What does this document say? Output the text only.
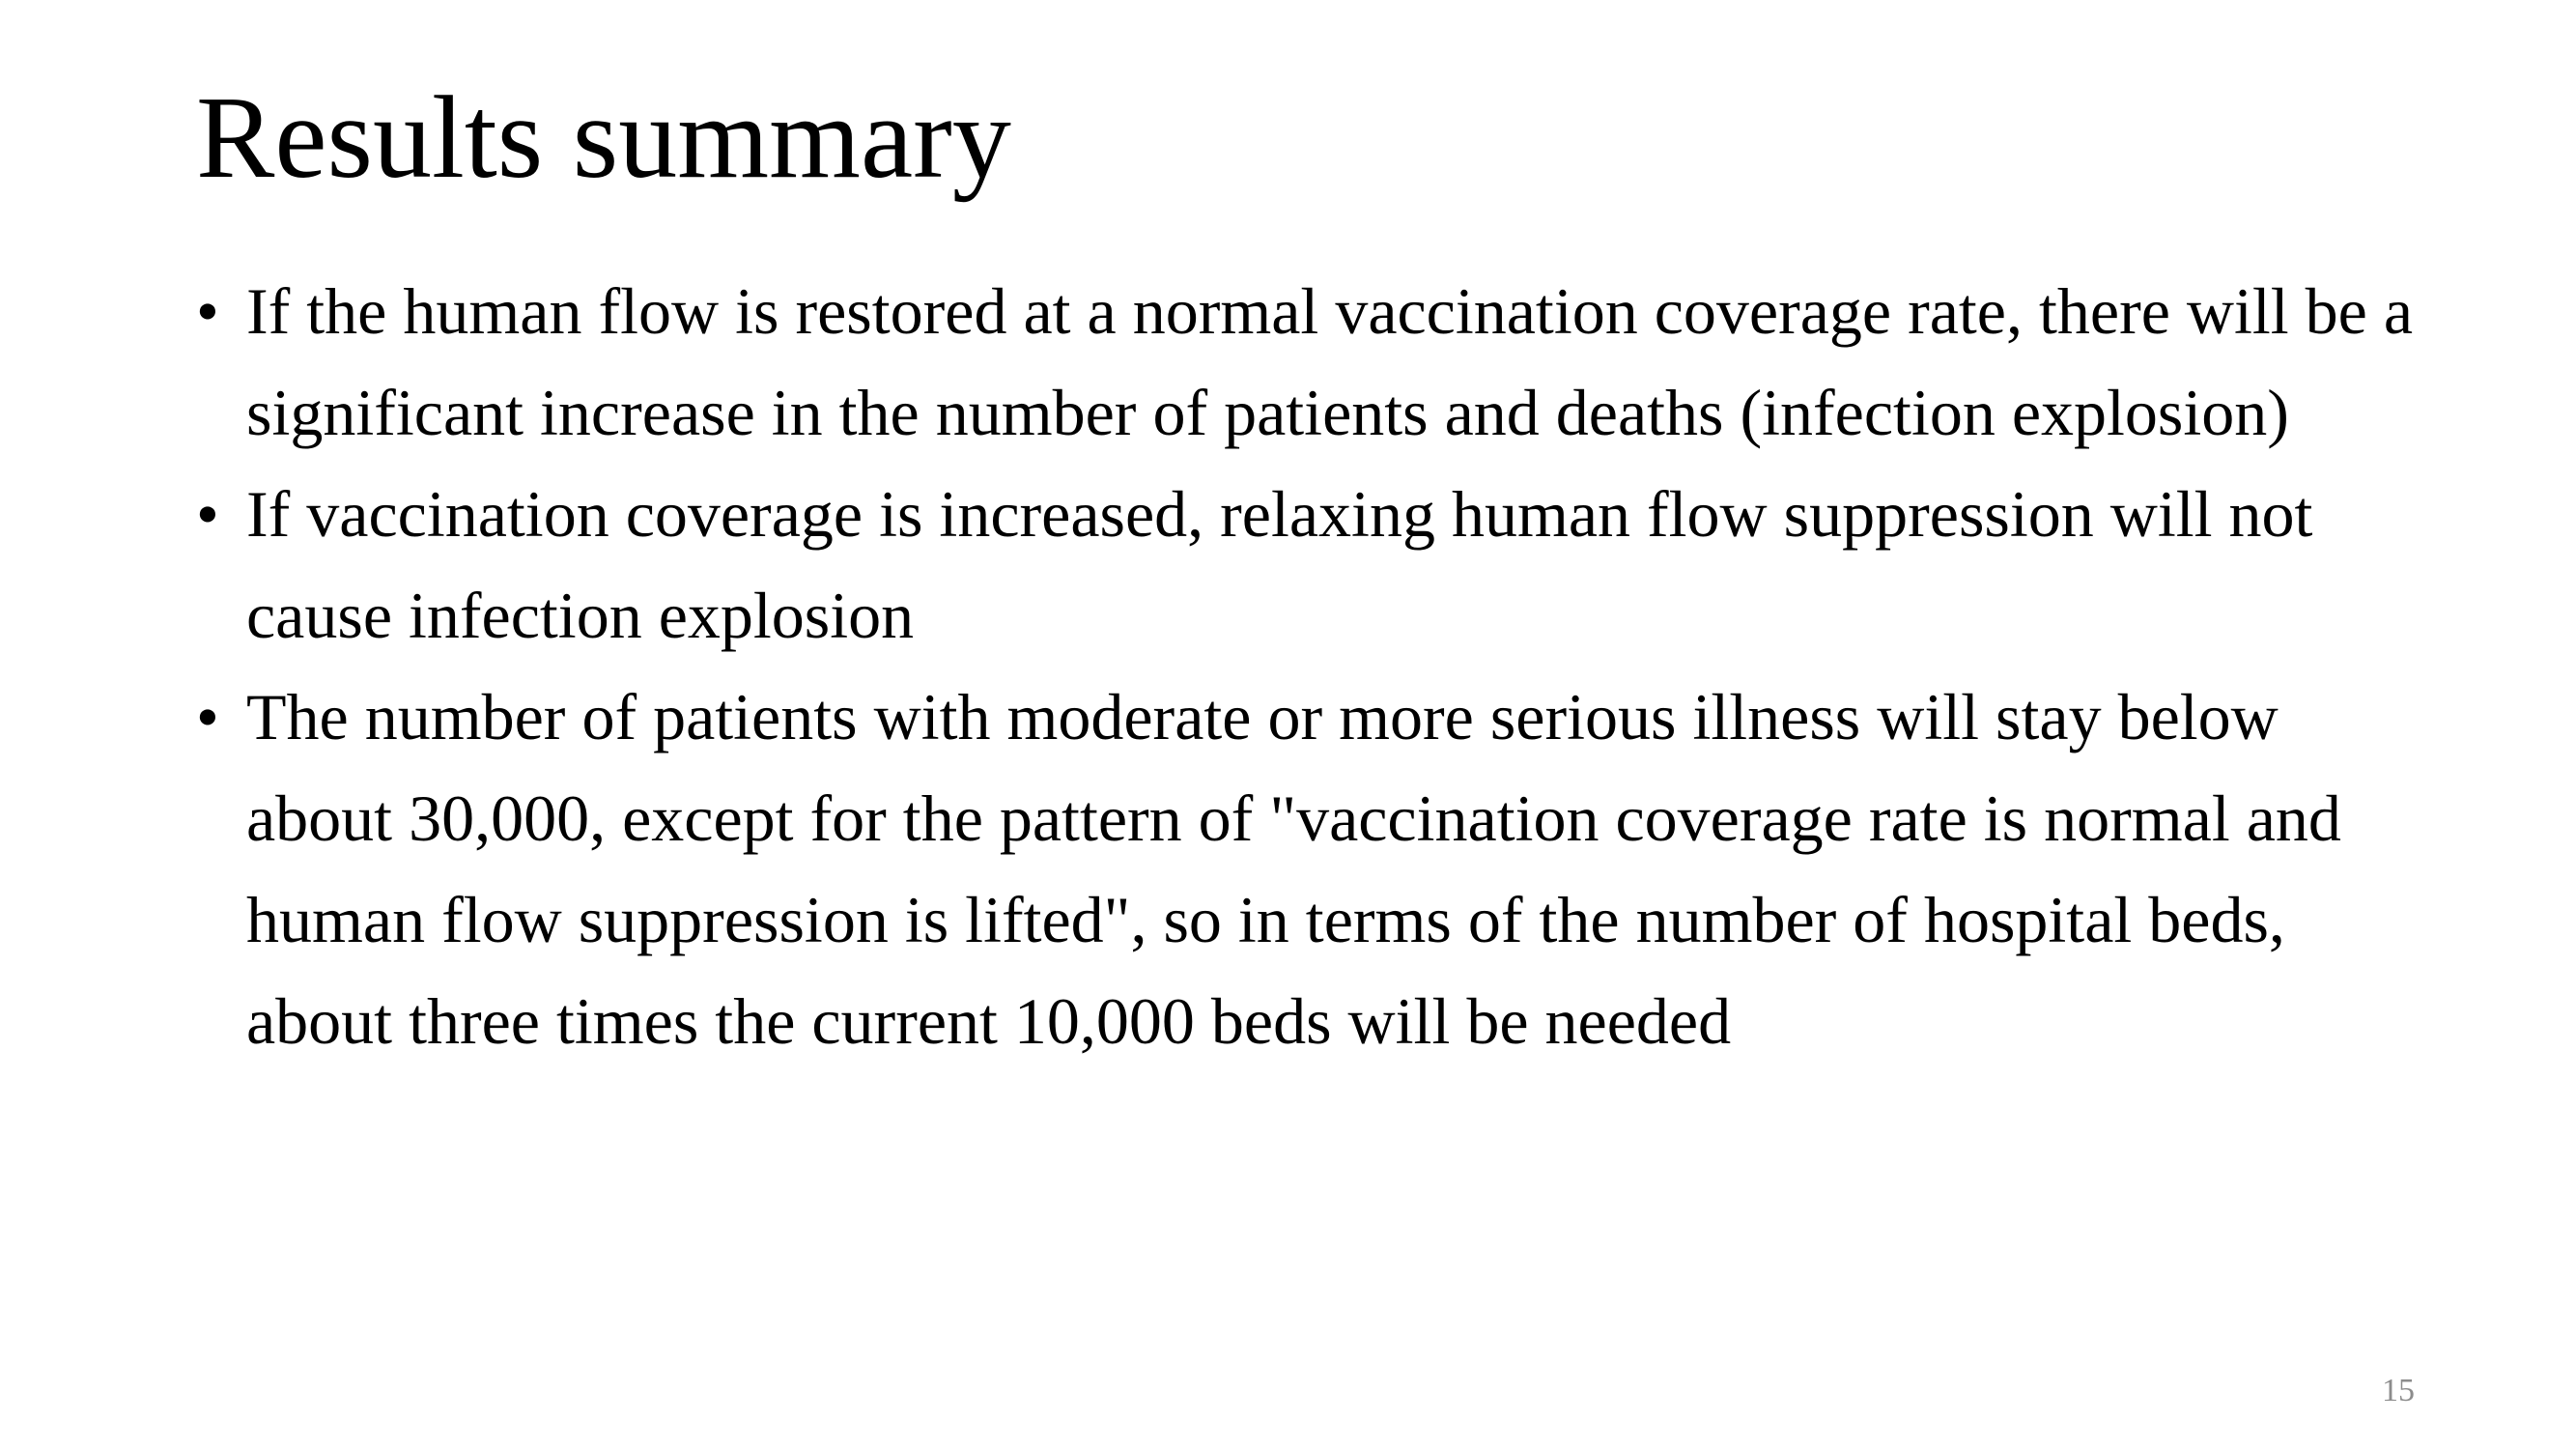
Results summary
• If the human flow is restored at a normal vaccination coverage rate, there will be a significant increase in the number of patients and deaths (infection explosion)
• If vaccination coverage is increased, relaxing human flow suppression will not cause infection explosion
• The number of patients with moderate or more serious illness will stay below about 30,000, except for the pattern of "vaccination coverage rate is normal and human flow suppression is lifted", so in terms of the number of hospital beds, about three times the current 10,000 beds will be needed
15
